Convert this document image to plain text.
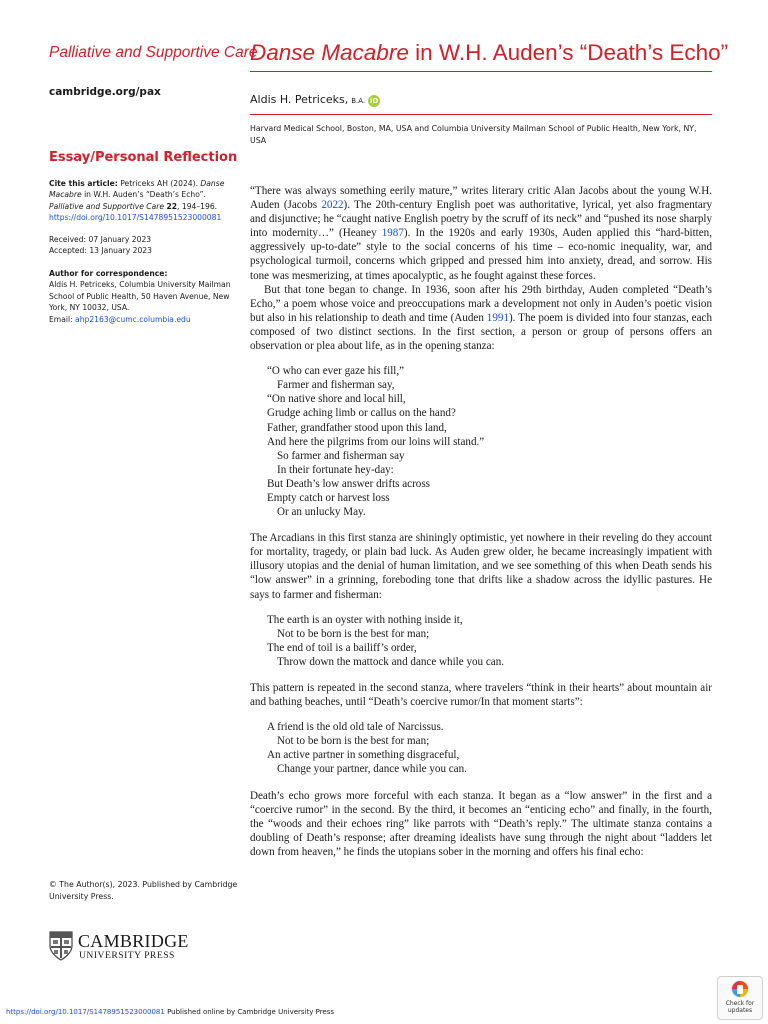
Palliative and Supportive Care
Danse Macabre in W.H. Auden’s “Death’s Echo”
cambridge.org/pax
Essay/Personal Reflection
Cite this article: Petriceks AH (2024). Danse Macabre in W.H. Auden’s “Death’s Echo”. Palliative and Supportive Care 22, 194–196. https://doi.org/10.1017/S1478951523000081
Received: 07 January 2023
Accepted: 13 January 2023
Author for correspondence:
Aldis H. Petriceks, Columbia University Mailman School of Public Health, 50 Haven Avenue, New York, NY 10032, USA.
Email: ahp2163@cumc.columbia.edu
Aldis H. Petriceks, B.A. iD
Harvard Medical School, Boston, MA, USA and Columbia University Mailman School of Public Health, New York, NY, USA

“There was always something eerily mature,” writes literary critic Alan Jacobs about the young W.H. Auden (Jacobs 2022). The 20th-century English poet was authoritative, lyrical, yet also fragmentary and disjunctive; he “caught native English poetry by the scruff of its neck” and “pushed its nose sharply into modernity…” (Heaney 1987). In the 1920s and early 1930s, Auden applied this “hard-bitten, aggressively up-to-date” style to the social concerns of his time – eco-nomic inequality, war, and psychological turmoil, concerns which gripped and pressed him into anxiety, dread, and sorrow. His tone was mesmerizing, at times apocalyptic, as he fought against these forces.

But that tone began to change. In 1936, soon after his 29th birthday, Auden completed “Death’s Echo,” a poem whose voice and preoccupations mark a development not only in Auden’s poetic vision but also in his relationship to death and time (Auden 1991). The poem is divided into four stanzas, each composed of two distinct sections. In the first section, a person or group of persons offers an observation or plea about life, as in the opening stanza:

“O who can ever gaze his fill,”
Farmer and fisherman say,
“On native shore and local hill,
Grudge aching limb or callus on the hand?
Father, grandfather stood upon this land,
And here the pilgrims from our loins will stand.”
So farmer and fisherman say
In their fortunate hey-day:
But Death’s low answer drifts across
Empty catch or harvest loss
Or an unlucky May.

The Arcadians in this first stanza are shiningly optimistic, yet nowhere in their reveling do they account for mortality, tragedy, or plain bad luck. As Auden grew older, he became increasingly impatient with illusory utopias and the denial of human limitation, and we see something of this when Death sends his “low answer” in a grinning, foreboding tone that drifts like a shadow across the idyllic pastures. He says to farmer and fisherman:

The earth is an oyster with nothing inside it,
Not to be born is the best for man;
The end of toil is a bailiff’s order,
Throw down the mattock and dance while you can.

This pattern is repeated in the second stanza, where travelers “think in their hearts” about mountain air and bathing beaches, until “Death’s coercive rumor/In that moment starts”:

A friend is the old old tale of Narcissus.
Not to be born is the best for man;
An active partner in something disgraceful,
Change your partner, dance while you can.

Death’s echo grows more forceful with each stanza. It began as a “low answer” in the first and a “coercive rumor” in the second. By the third, it becomes an “enticing echo” and finally, in the fourth, the “woods and their echoes ring” like parrots with “Death’s reply.” The ultimate stanza contains a doubling of Death’s response; after dreaming idealists have sung through the night about “ladders let down from heaven,” he finds the utopians sober in the morning and offers his final echo:

© The Author(s), 2023. Published by Cambridge University Press.
CAMBRIDGE
UNIVERSITY PRESS
https://doi.org/10.1017/S1478951523000081 Published online by Cambridge University Press
Check for updates
